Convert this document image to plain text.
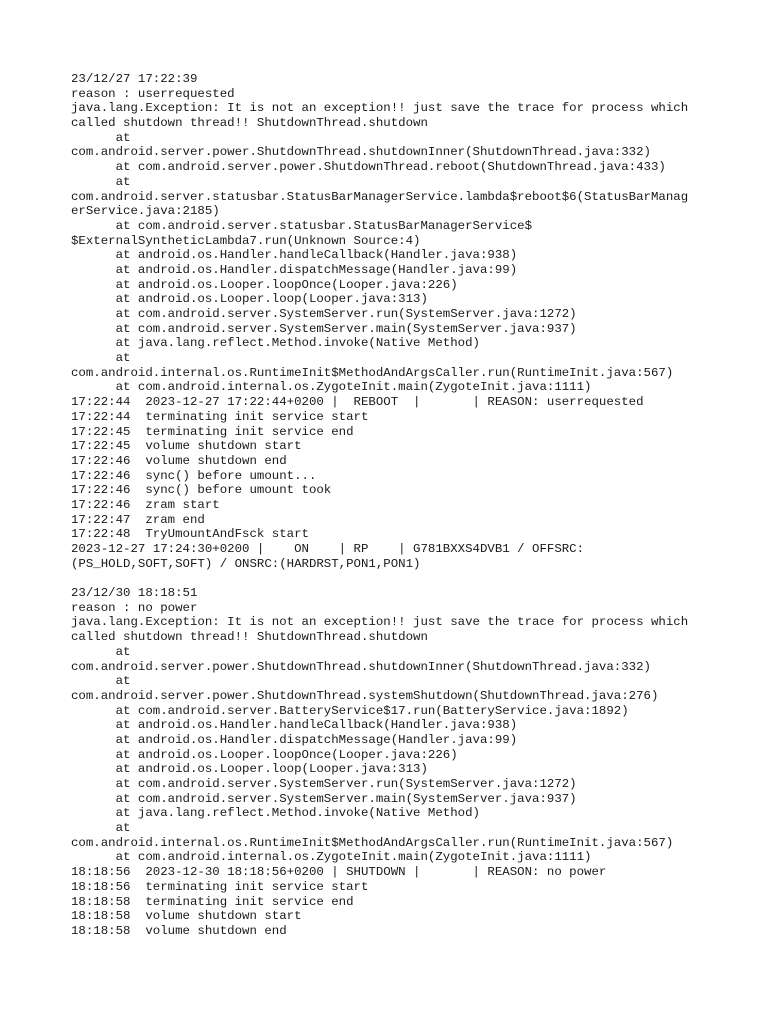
23/12/27 17:22:39
reason : userrequested
java.lang.Exception: It is not an exception!! just save the trace for process which
called shutdown thread!! ShutdownThread.shutdown
at
com.android.server.power.ShutdownThread.shutdownInner(ShutdownThread.java:332)
at com.android.server.power.ShutdownThread.reboot(ShutdownThread.java:433)
at
com.android.server.statusbar.StatusBarManagerService.lambda$reboot$6(StatusBarManag
erService.java:2185)
at com.android.server.statusbar.StatusBarManagerService$
$ExternalSyntheticLambda7.run(Unknown Source:4)
at android.os.Handler.handleCallback(Handler.java:938)
at android.os.Handler.dispatchMessage(Handler.java:99)
at android.os.Looper.loopOnce(Looper.java:226)
at android.os.Looper.loop(Looper.java:313)
at com.android.server.SystemServer.run(SystemServer.java:1272)
at com.android.server.SystemServer.main(SystemServer.java:937)
at java.lang.reflect.Method.invoke(Native Method)
at
com.android.internal.os.RuntimeInit$MethodAndArgsCaller.run(RuntimeInit.java:567)
at com.android.internal.os.ZygoteInit.main(ZygoteInit.java:1111)
17:22:44  2023-12-27 17:22:44+0200 |  REBOOT  |       | REASON: userrequested
17:22:44  terminating init service start
17:22:45  terminating init service end
17:22:45  volume shutdown start
17:22:46  volume shutdown end
17:22:46  sync() before umount...
17:22:46  sync() before umount took
17:22:46  zram start
17:22:47  zram end
17:22:48  TryUmountAndFsck start
2023-12-27 17:24:30+0200 |    ON    | RP    | G781BXXS4DVB1 / OFFSRC:
(PS_HOLD,SOFT,SOFT) / ONSRC:(HARDRST,PON1,PON1)
23/12/30 18:18:51
reason : no power
java.lang.Exception: It is not an exception!! just save the trace for process which
called shutdown thread!! ShutdownThread.shutdown
at
com.android.server.power.ShutdownThread.shutdownInner(ShutdownThread.java:332)
at
com.android.server.power.ShutdownThread.systemShutdown(ShutdownThread.java:276)
at com.android.server.BatteryService$17.run(BatteryService.java:1892)
at android.os.Handler.handleCallback(Handler.java:938)
at android.os.Handler.dispatchMessage(Handler.java:99)
at android.os.Looper.loopOnce(Looper.java:226)
at android.os.Looper.loop(Looper.java:313)
at com.android.server.SystemServer.run(SystemServer.java:1272)
at com.android.server.SystemServer.main(SystemServer.java:937)
at java.lang.reflect.Method.invoke(Native Method)
at
com.android.internal.os.RuntimeInit$MethodAndArgsCaller.run(RuntimeInit.java:567)
at com.android.internal.os.ZygoteInit.main(ZygoteInit.java:1111)
18:18:56  2023-12-30 18:18:56+0200 | SHUTDOWN |       | REASON: no power
18:18:56  terminating init service start
18:18:58  terminating init service end
18:18:58  volume shutdown start
18:18:58  volume shutdown end
